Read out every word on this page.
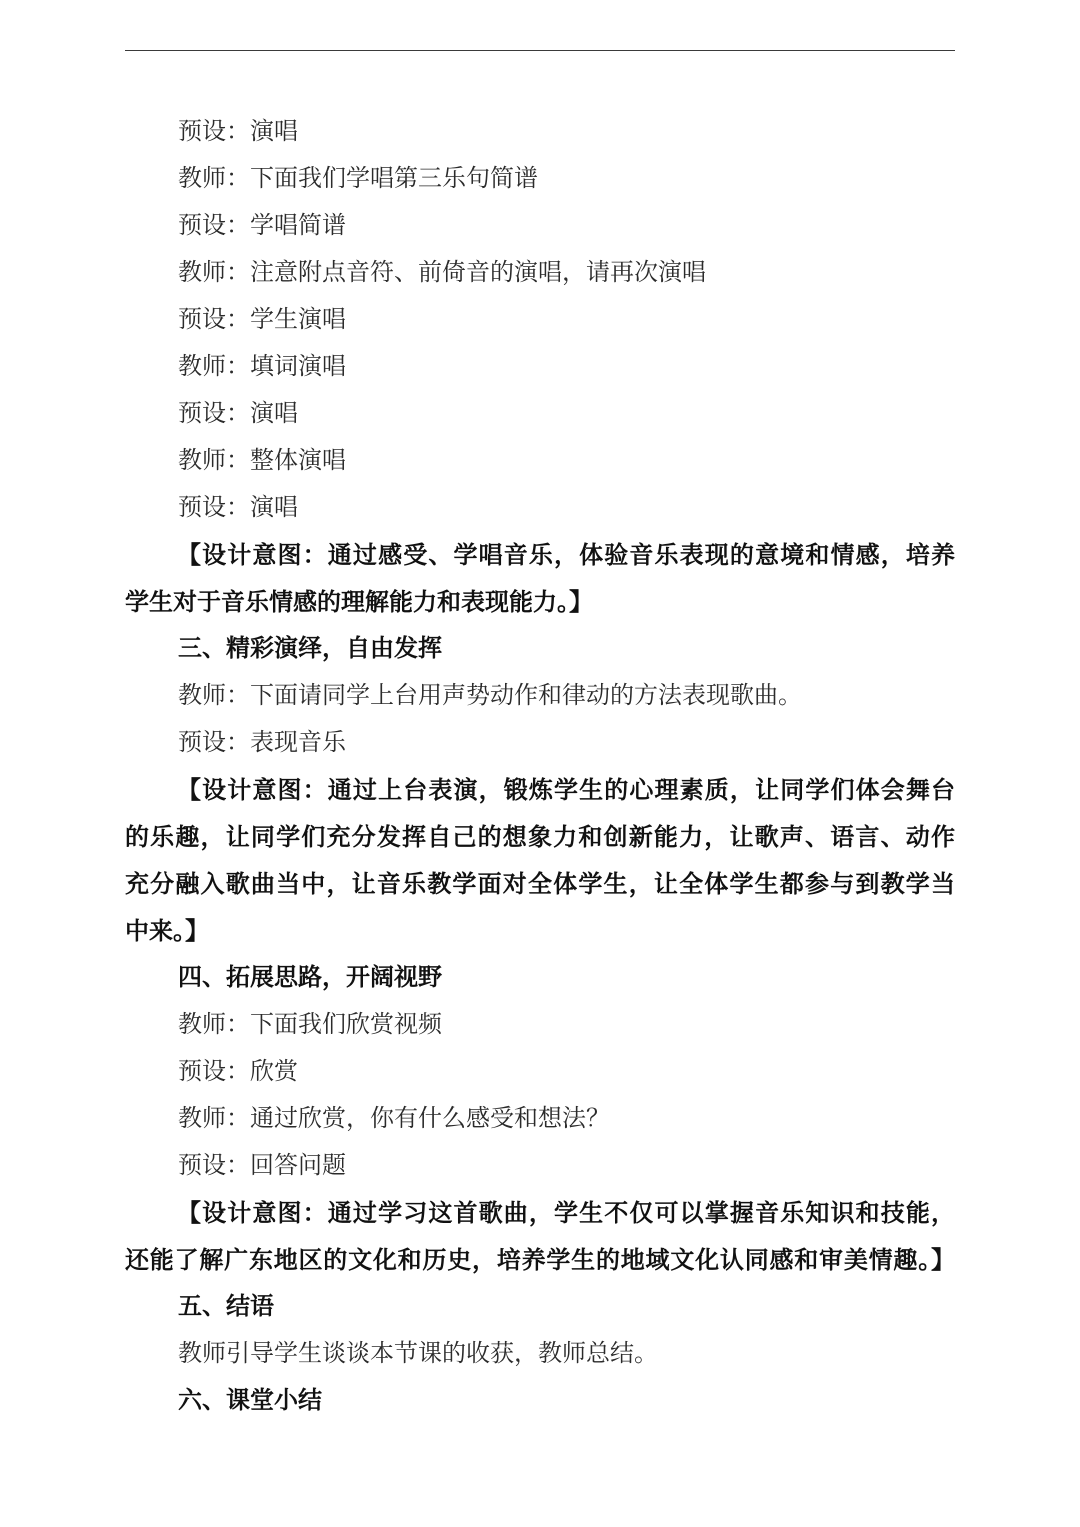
预设：演唱
教师：下面我们学唱第三乐句简谱
预设：学唱简谱
教师：注意附点音符、前倚音的演唱，请再次演唱
预设：学生演唱
教师：填词演唱
预设：演唱
教师：整体演唱
预设：演唱
【设计意图：通过感受、学唱音乐，体验音乐表现的意境和情感，培养
学生对于音乐情感的理解能力和表现能力。】
三、精彩演绎，自由发挥
教师：下面请同学上台用声势动作和律动的方法表现歌曲。
预设：表现音乐
【设计意图：通过上台表演，锻炼学生的心理素质，让同学们体会舞台
的乐趣，让同学们充分发挥自己的想象力和创新能力，让歌声、语言、动作
充分融入歌曲当中，让音乐教学面对全体学生，让全体学生都参与到教学当
中来。】
四、拓展思路，开阔视野
教师：下面我们欣赏视频
预设：欣赏
教师：通过欣赏，你有什么感受和想法？
预设：回答问题
【设计意图：通过学习这首歌曲，学生不仅可以掌握音乐知识和技能，
还能了解广东地区的文化和历史，培养学生的地域文化认同感和审美情趣。】
五、结语
教师引导学生谈谈本节课的收获，教师总结。
六、课堂小结
